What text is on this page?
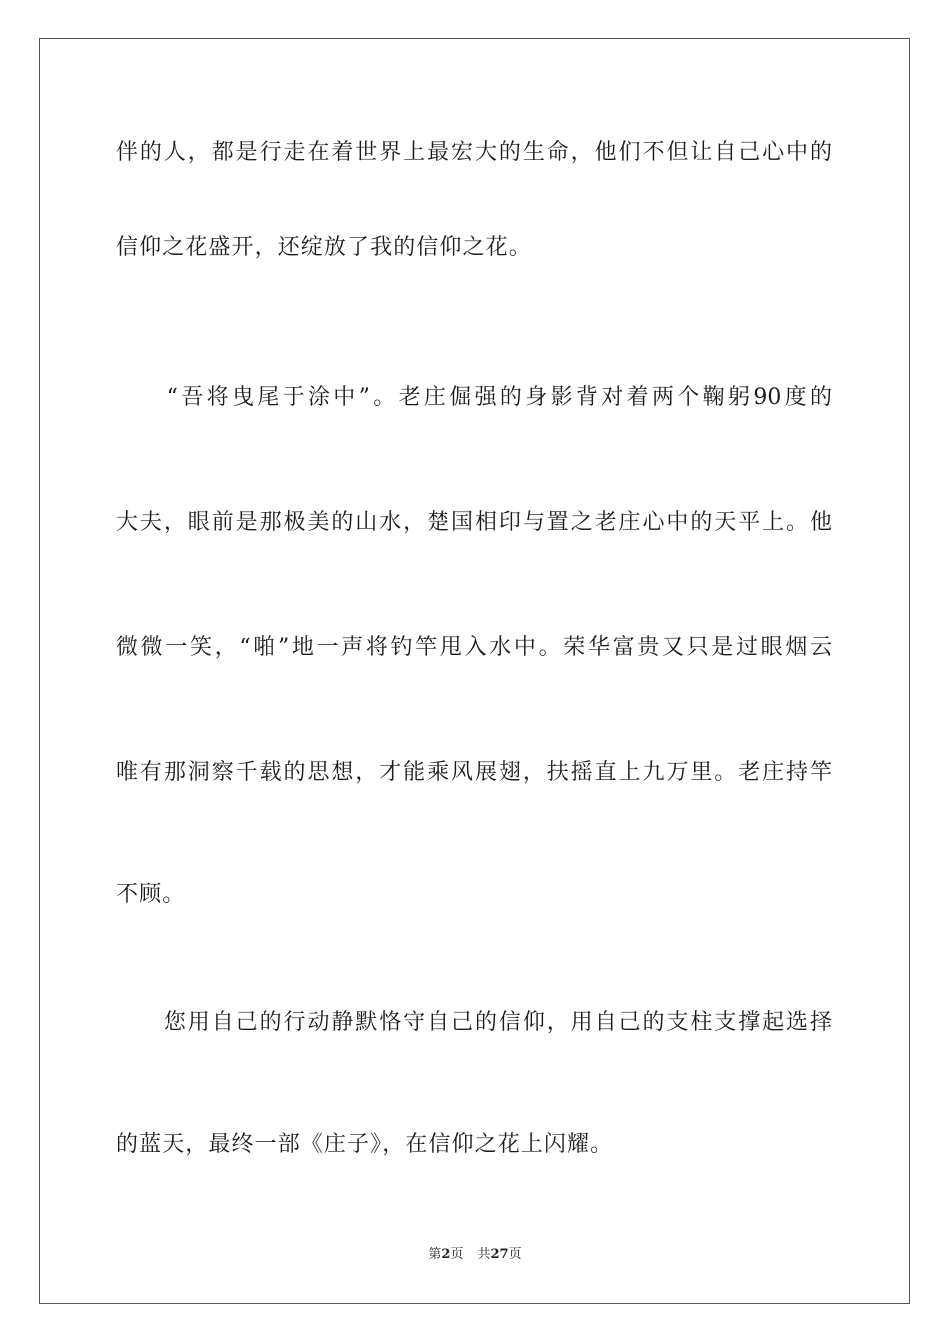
伴的人，都是行走在着世界上最宏大的生命，他们不但让自己心中的
信仰之花盛开，还绽放了我的信仰之花。
　　“吾将曳尾于涂中”。老庄倔强的身影背对着两个鞠躬90度的
大夫，眼前是那极美的山水，楚国相印与置之老庄心中的天平上。他
微微一笑，“啪”地一声将钓竿甩入水中。荣华富贵又只是过眼烟云
唯有那洞察千载的思想，才能乘风展翅，扶摇直上九万里。老庄持竿
不顾。
　　您用自己的行动静默恪守自己的信仰，用自己的支柱支撑起选择
的蓝天，最终一部《庄子》，在信仰之花上闪耀。
第2页 共27页
